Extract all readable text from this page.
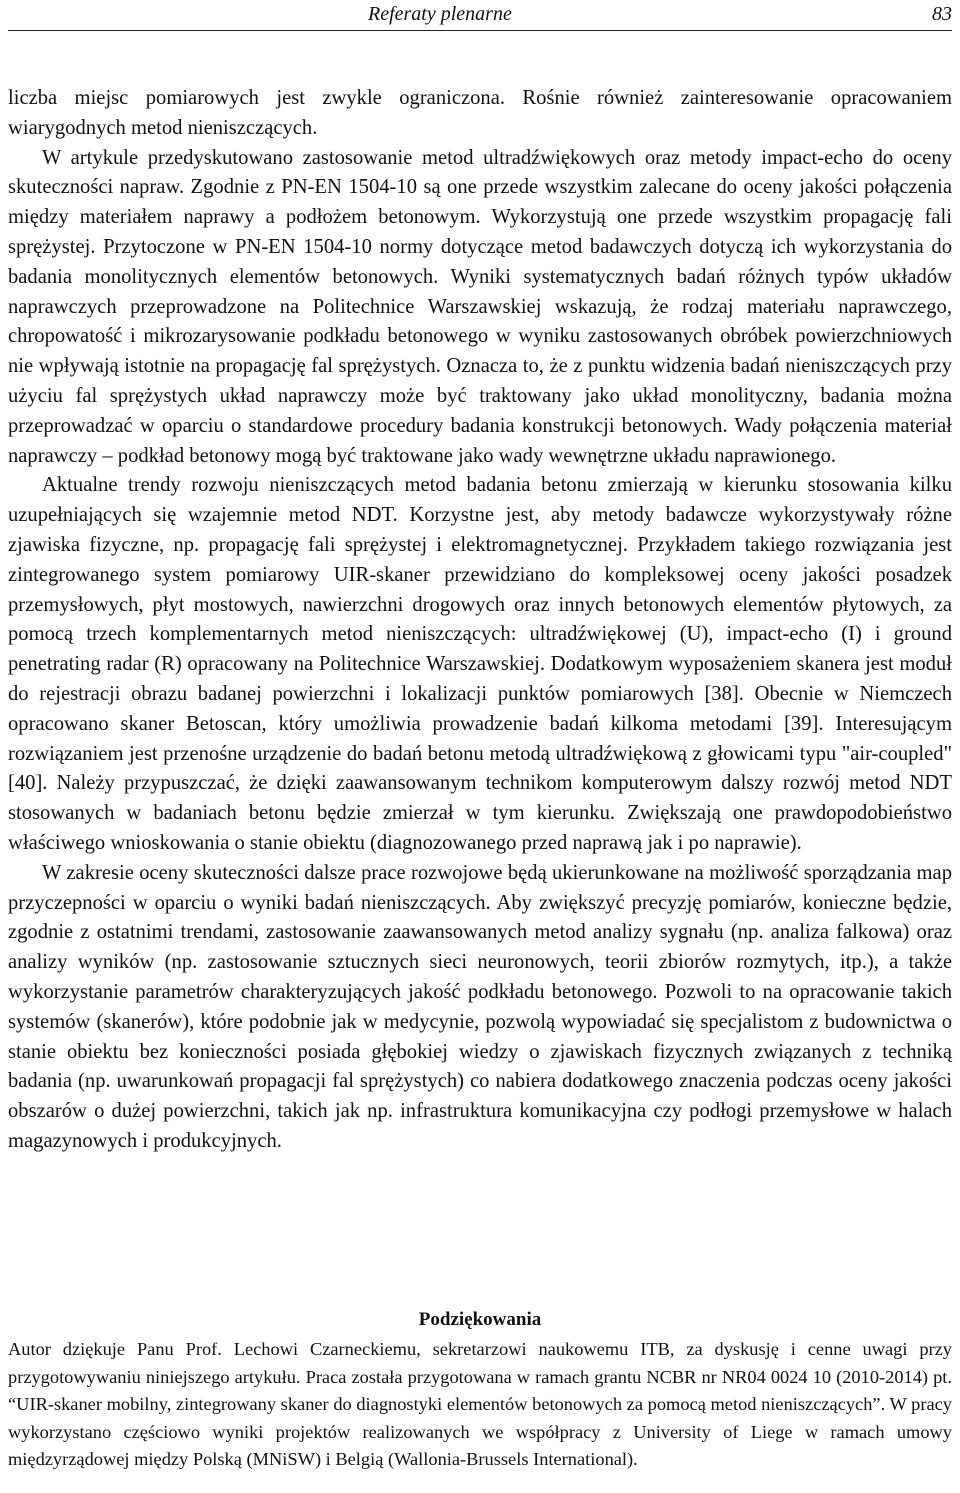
Referaty plenarne	83

liczba miejsc pomiarowych jest zwykle ograniczona. Rośnie również zainteresowanie opracowaniem wiarygodnych metod nieniszczących.

W artykule przedyskutowano zastosowanie metod ultradźwiękowych oraz metody impact-echo do oceny skuteczności napraw. Zgodnie z PN-EN 1504-10 są one przede wszystkim zalecane do oceny jakości połączenia między materiałem naprawy a podłożem betonowym. Wykorzystują one przede wszystkim propagację fali sprężystej. Przytoczone w PN-EN 1504-10 normy dotyczące metod badawczych dotyczą ich wykorzystania do badania monolitycznych elementów betonowych. Wyniki systematycznych badań różnych typów układów naprawczych przeprowadzone na Politechnice Warszawskiej wskazują, że rodzaj materiału naprawczego, chropowatość i mikrozarysowanie podkładu betonowego w wyniku zastosowanych obróbek powierzchniowych nie wpływają istotnie na propagację fal sprężystych. Oznacza to, że z punktu widzenia badań nieniszczących przy użyciu fal sprężystych układ naprawczy może być traktowany jako układ monolityczny, badania można przeprowadzać w oparciu o standardowe procedury badania konstrukcji betonowych. Wady połączenia materiał naprawczy – podkład betonowy mogą być traktowane jako wady wewnętrzne układu naprawionego.

Aktualne trendy rozwoju nieniszczących metod badania betonu zmierzają w kierunku stosowania kilku uzupełniających się wzajemnie metod NDT. Korzystne jest, aby metody badawcze wykorzystywały różne zjawiska fizyczne, np. propagację fali sprężystej i elektromagnetycznej. Przykładem takiego rozwiązania jest zintegrowanego system pomiarowy UIR-skaner przewidziano do kompleksowej oceny jakości posadzek przemysłowych, płyt mostowych, nawierzchni drogowych oraz innych betonowych elementów płytowych, za pomocą trzech komplementarnych metod nieniszczących: ultradźwiękowej (U), impact-echo (I) i ground penetrating radar (R) opracowany na Politechnice Warszawskiej. Dodatkowym wyposażeniem skanera jest moduł do rejestracji obrazu badanej powierzchni i lokalizacji punktów pomiarowych [38]. Obecnie w Niemczech opracowano skaner Betoscan, który umożliwia prowadzenie badań kilkoma metodami [39]. Interesującym rozwiązaniem jest przenośne urządzenie do badań betonu metodą ultradźwiękową z głowicami typu "air-coupled" [40]. Należy przypuszczać, że dzięki zaawansowanym technikom komputerowym dalszy rozwój metod NDT stosowanych w badaniach betonu będzie zmierzał w tym kierunku. Zwiększają one prawdopodobieństwo właściwego wnioskowania o stanie obiektu (diagnozowanego przed naprawą jak i po naprawie).

W zakresie oceny skuteczności dalsze prace rozwojowe będą ukierunkowane na możliwość sporządzania map przyczepności w oparciu o wyniki badań nieniszczących. Aby zwiększyć precyzję pomiarów, konieczne będzie, zgodnie z ostatnimi trendami, zastosowanie zaawansowanych metod analizy sygnału (np. analiza falkowa) oraz analizy wyników (np. zastosowanie sztucznych sieci neuronowych, teorii zbiorów rozmytych, itp.), a także wykorzystanie parametrów charakteryzujących jakość podkładu betonowego. Pozwoli to na opracowanie takich systemów (skanerów), które podobnie jak w medycynie, pozwolą wypowiadać się specjalistom z budownictwa o stanie obiektu bez konieczności posiada głębokiej wiedzy o zjawiskach fizycznych związanych z techniką badania (np. uwarunkowań propagacji fal sprężystych) co nabiera dodatkowego znaczenia podczas oceny jakości obszarów o dużej powierzchni, takich jak np. infrastruktura komunikacyjna czy podłogi przemysłowe w halach magazynowych i produkcyjnych.

Podziękowania

Autor dziękuje Panu Prof. Lechowi Czarneckiemu, sekretarzowi naukowemu ITB, za dyskusję i cenne uwagi przy przygotowywaniu niniejszego artykułu. Praca została przygotowana w ramach grantu NCBR nr NR04 0024 10 (2010-2014) pt. “UIR-skaner mobilny, zintegrowany skaner do diagnostyki elementów betonowych za pomocą metod nieniszczących”. W pracy wykorzystano częściowo wyniki projektów realizowanych we współpracy z University of Liege w ramach umowy międzyrządowej między Polską (MNiSW) i Belgią (Wallonia-Brussels International).
